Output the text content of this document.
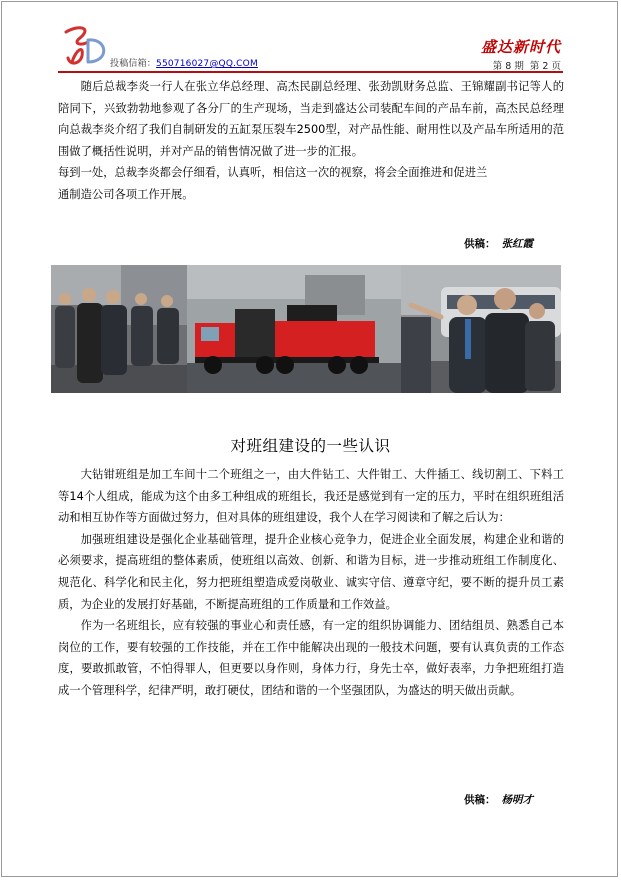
投稿信箱：550716027@QQ.COM
盛达新时代
第 8 期 第 2 页

随后总裁李炎一行人在张立华总经理、高杰民副总经理、张劲凯财务总监、王锦耀副书记等人的陪同下，兴致勃勃地参观了各分厂的生产现场，当走到盛达公司装配车间的产品车前，高杰民总经理向总裁李炎介绍了我们自制研发的五缸泵压裂车2500型，对产品性能、耐用性以及产品车所适用的范围做了概括性说明，并对产品的销售情况做了进一步的汇报。

每到一处，总裁李炎都会仔细看，认真听，相信这一次的视察，将会全面推进和促进兰

通制造公司各项工作开展。

供稿： 张红霞
对班组建设的一些认识

大钻钳班组是加工车间十二个班组之一，由大件钻工、大件钳工、大件插工、线切割工、下料工等14个人组成，能成为这个由多工种组成的班组长，我还是感觉到有一定的压力，平时在组织班组活动和相互协作等方面做过努力，但对具体的班组建设，我个人在学习阅读和了解之后认为：

加强班组建设是强化企业基础管理，提升企业核心竞争力，促进企业全面发展，构建企业和谐的必须要求，提高班组的整体素质，使班组以高效、创新、和谐为目标，进一步推动班组工作制度化、规范化、科学化和民主化，努力把班组塑造成爱岗敬业、诚实守信、遵章守纪，要不断的提升员工素质，为企业的发展打好基础，不断提高班组的工作质量和工作效益。

作为一名班组长，应有较强的事业心和责任感，有一定的组织协调能力、团结组员、熟悉自己本岗位的工作，要有较强的工作技能，并在工作中能解决出现的一般技术问题，要有认真负责的工作态度，要敢抓敢管，不怕得罪人，但更要以身作则，身体力行，身先士卒，做好表率，力争把班组打造成一个管理科学，纪律严明，敢打硬仗，团结和谐的一个坚强团队，为盛达的明天做出贡献。

供稿： 杨明才
